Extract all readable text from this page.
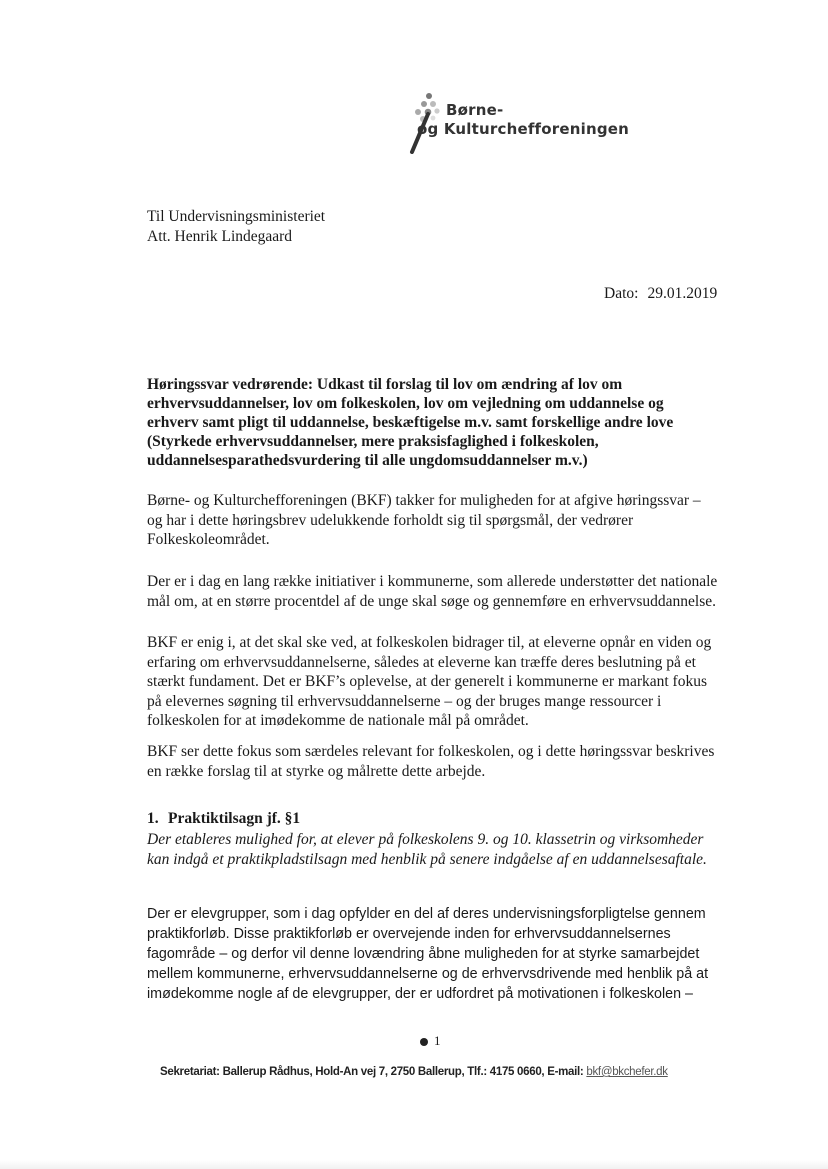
Børne-
og Kulturchefforeningen
Til Undervisningsministeriet
Att. Henrik Lindegaard
Dato: 29.01.2019
Høringssvar vedrørende: Udkast til forslag til lov om ændring af lov om erhvervsuddannelser, lov om folkeskolen, lov om vejledning om uddannelse og erhverv samt pligt til uddannelse, beskæftigelse m.v. samt forskellige andre love (Styrkede erhvervsuddannelser, mere praksisfaglighed i folkeskolen, uddannelsesparathedsvurdering til alle ungdomsuddannelser m.v.)
Børne- og Kulturchefforeningen (BKF) takker for muligheden for at afgive høringssvar – og har i dette høringsbrev udelukkende forholdt sig til spørgsmål, der vedrører Folkeskoleområdet.
Der er i dag en lang række initiativer i kommunerne, som allerede understøtter det nationale mål om, at en større procentdel af de unge skal søge og gennemføre en erhvervsuddannelse.
BKF er enig i, at det skal ske ved, at folkeskolen bidrager til, at eleverne opnår en viden og erfaring om erhvervsuddannelserne, således at eleverne kan træffe deres beslutning på et stærkt fundament. Det er BKF’s oplevelse, at der generelt i kommunerne er markant fokus på elevernes søgning til erhvervsuddannelserne – og der bruges mange ressourcer i folkeskolen for at imødekomme de nationale mål på området.
BKF ser dette fokus som særdeles relevant for folkeskolen, og i dette høringssvar beskrives en række forslag til at styrke og målrette dette arbejde.
1. Praktiktilsagn jf. §1
Der etableres mulighed for, at elever på folkeskolens 9. og 10. klassetrin og virksomheder kan indgå et praktikpladstilsagn med henblik på senere indgåelse af en uddannelsesaftale.
Der er elevgrupper, som i dag opfylder en del af deres undervisningsforpligtelse gennem praktikforløb. Disse praktikforløb er overvejende inden for erhvervsuddannelsernes fagområde – og derfor vil denne lovændring åbne muligheden for at styrke samarbejdet mellem kommunerne, erhvervsuddannelserne og de erhvervsdrivende med henblik på at imødekomme nogle af de elevgrupper, der er udfordret på motivationen i folkeskolen –
1
Sekretariat: Ballerup Rådhus, Hold-An vej 7, 2750 Ballerup, Tlf.: 4175 0660, E-mail: bkf@bkchefer.dk
